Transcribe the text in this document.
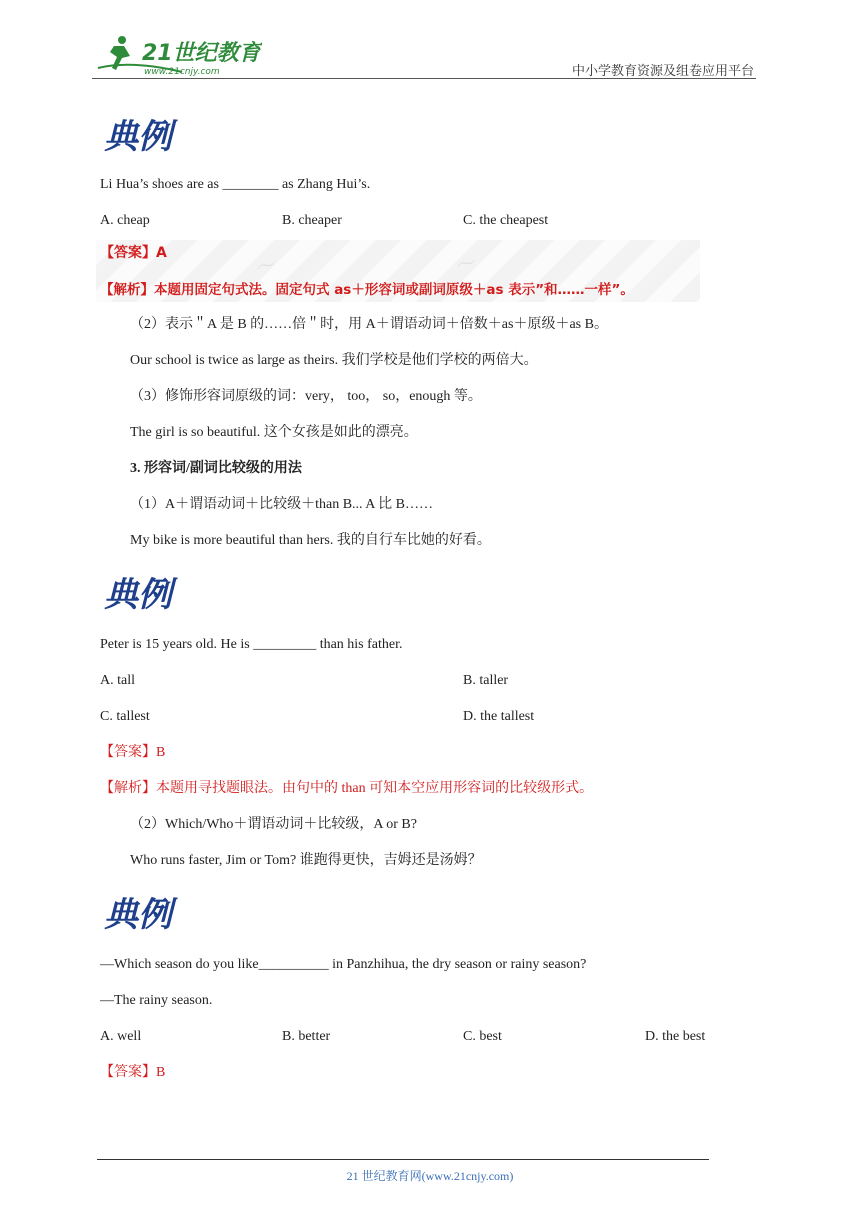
21世纪教育
www.21cnjy.com	中小学教育资源及组卷应用平台
典例
Li Hua’s shoes are as ________ as Zhang Hui’s.
A. cheap	B. cheaper	C. the cheapest
〜	〜
【答案】A
【解析】本题用固定句式法。固定句式 as＋形容词或副词原级＋as 表示”和……一样”。
（2）表示＂A 是 B 的……倍＂时，用 A＋谓语动词＋倍数＋as＋原级＋as B。
Our school is twice as large as theirs. 我们学校是他们学校的两倍大。
（3）修饰形容词原级的词：very， too， so，enough 等。
The girl is so beautiful. 这个女孩是如此的漂亮。
3. 形容词/副词比较级的用法
（1）A＋谓语动词＋比较级＋than B... A 比 B……
My bike is more beautiful than hers. 我的自行车比她的好看。
典例
Peter is 15 years old. He is _________ than his father.
A. tall	B. taller
C. tallest	D. the tallest
【答案】B
【解析】本题用寻找题眼法。由句中的 than 可知本空应用形容词的比较级形式。
（2）Which/Who＋谓语动词＋比较级，A or B?
Who runs faster, Jim or Tom? 谁跑得更快，吉姆还是汤姆？
典例
—Which season do you like__________ in Panzhihua, the dry season or rainy season?
—The rainy season.
A. well	B. better	C. best	D. the best
【答案】B
21 世纪教育网(www.21cnjy.com)
